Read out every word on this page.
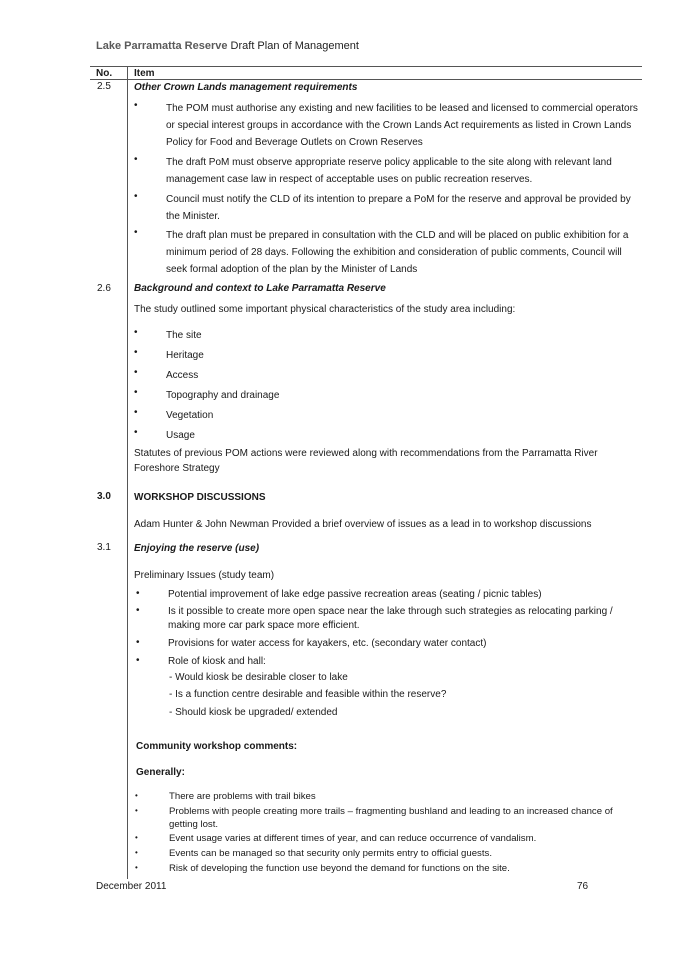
Lake Parramatta Reserve Draft Plan of Management
No. Item
2.5 Other Crown Lands management requirements
•	The POM must authorise any existing and new facilities to be leased and licensed to commercial operators or special interest groups in accordance with the Crown Lands Act requirements as listed in Crown Lands Policy for Food and Beverage Outlets on Crown Reserves
•	The draft PoM must observe appropriate reserve policy applicable to the site along with relevant land management case law in respect of acceptable uses on public recreation reserves.
•	Council must notify the CLD of its intention to prepare a PoM for the reserve and approval be provided by the Minister.
•	The draft plan must be prepared in consultation with the CLD and will be placed on public exhibition for a minimum period of 28 days. Following the exhibition and consideration of public comments, Council will seek formal adoption of the plan by the Minister of Lands
2.6 Background and context to Lake Parramatta Reserve
The study outlined some important physical characteristics of the study area including:
•	The site
•	Heritage
•	Access
•	Topography and drainage
•	Vegetation
•	Usage
Statutes of previous POM actions were reviewed along with recommendations from the Parramatta River Foreshore Strategy
3.0 WORKSHOP DISCUSSIONS
Adam Hunter & John Newman Provided a brief overview of issues as a lead in to workshop discussions
3.1 Enjoying the reserve (use)
Preliminary Issues (study team)
•	Potential improvement of lake edge passive recreation areas (seating / picnic tables)
•	Is it possible to create more open space near the lake through such strategies as relocating parking / making more car park space more efficient.
•	Provisions for water access for kayakers, etc. (secondary water contact)
•	Role of kiosk and hall:
- Would kiosk be desirable closer to lake
- Is a function centre desirable and feasible within the reserve?
- Should kiosk be upgraded/ extended
Community workshop comments:
Generally:
•	There are problems with trail bikes
•	Problems with people creating more trails – fragmenting bushland and leading to an increased chance of getting lost.
•	Event usage varies at different times of year, and can reduce occurrence of vandalism.
•	Events can be managed so that security only permits entry to official guests.
•	Risk of developing the function use beyond the demand for functions on the site.
December 2011	76
